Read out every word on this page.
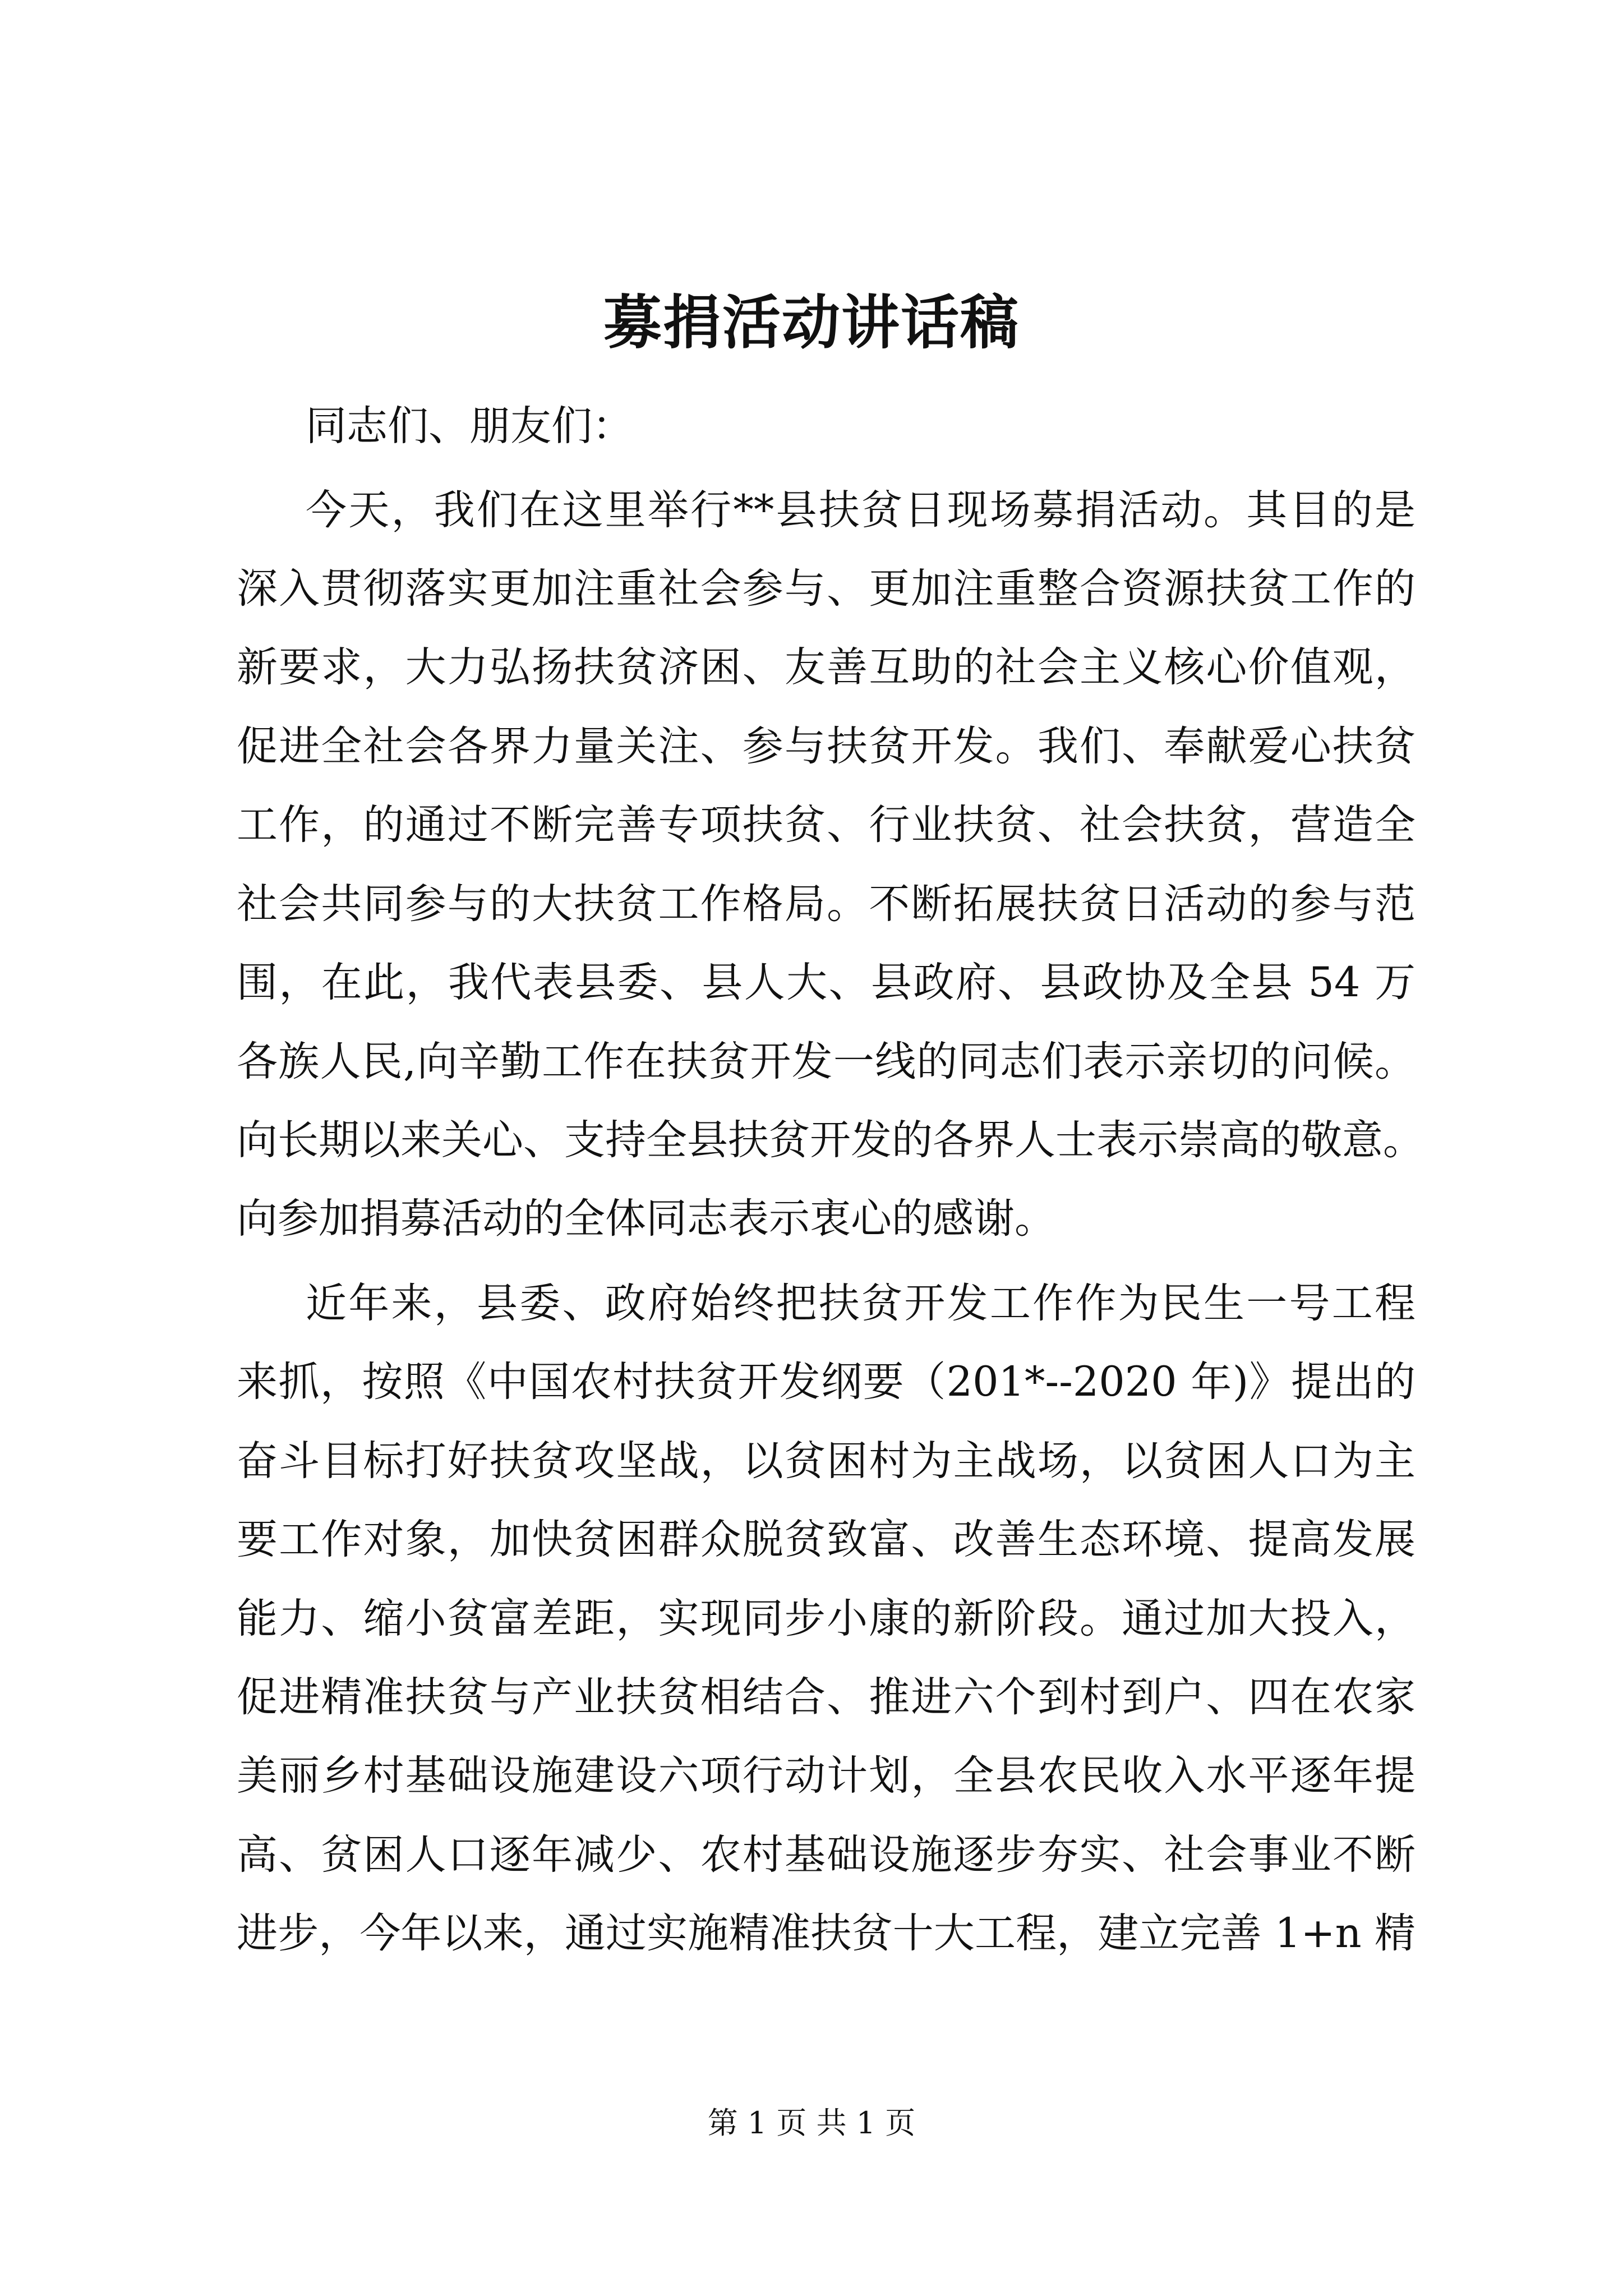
募捐活动讲话稿
同志们、朋友们：
今天，我们在这里举行**县扶贫日现场募捐活动。其目的是
深入贯彻落实更加注重社会参与、更加注重整合资源扶贫工作的
新要求，大力弘扬扶贫济困、友善互助的社会主义核心价值观，
促进全社会各界力量关注、参与扶贫开发。我们、奉献爱心扶贫
工作，的通过不断完善专项扶贫、行业扶贫、社会扶贫，营造全
社会共同参与的大扶贫工作格局。不断拓展扶贫日活动的参与范
围，在此，我代表县委、县人大、县政府、县政协及全县 54 万
各族人民,向辛勤工作在扶贫开发一线的同志们表示亲切的问候。
向长期以来关心、支持全县扶贫开发的各界人士表示崇高的敬意。
向参加捐募活动的全体同志表示衷心的感谢。
近年来，县委、政府始终把扶贫开发工作作为民生一号工程
来抓，按照《中国农村扶贫开发纲要（201*--2020 年)》提出的
奋斗目标打好扶贫攻坚战，以贫困村为主战场，以贫困人口为主
要工作对象，加快贫困群众脱贫致富、改善生态环境、提高发展
能力、缩小贫富差距，实现同步小康的新阶段。通过加大投入，
促进精准扶贫与产业扶贫相结合、推进六个到村到户、四在农家
美丽乡村基础设施建设六项行动计划，全县农民收入水平逐年提
高、贫困人口逐年减少、农村基础设施逐步夯实、社会事业不断
进步，今年以来，通过实施精准扶贫十大工程，建立完善 1+n 精
第 1 页 共 1 页
